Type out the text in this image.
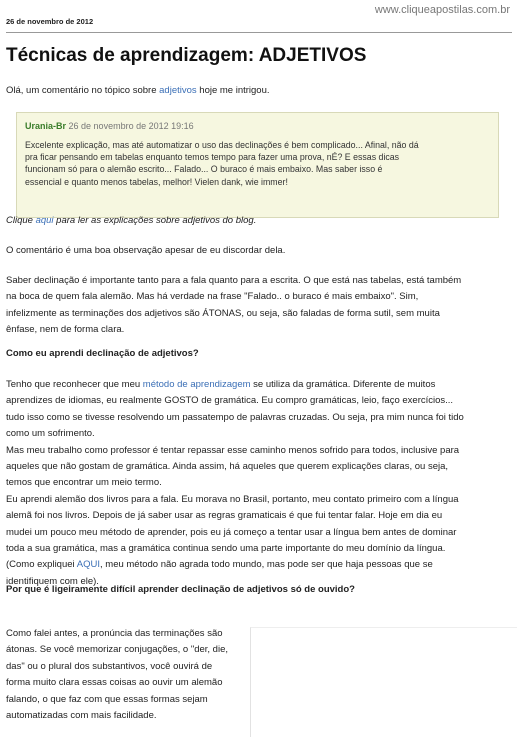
www.cliqueapostilas.com.br
26 de novembro de 2012
Técnicas de aprendizagem: ADJETIVOS

Olá, um comentário no tópico sobre adjetivos hoje me intrigou.

Urania-Br 26 de novembro de 2012 19:16
Excelente explicação, mas até automatizar o uso das declinações é bem complicado... Afinal, não dá
pra ficar pensando em tabelas enquanto temos tempo para fazer uma prova, nÉ? E essas dicas
funcionam só para o alemão escrito... Falado... O buraco é mais embaixo. Mas saber isso é
essencial e quanto menos tabelas, melhor! Vielen dank, wie immer!

Clique aqui para ler as explicações sobre adjetivos do blog.

O comentário é uma boa observação apesar de eu discordar dela.

Saber declinação é importante tanto para a fala quanto para a escrita. O que está nas tabelas, está também
na boca de quem fala alemão. Mas há verdade na frase "Falado.. o buraco é mais embaixo". Sim,
infelizmente as terminações dos adjetivos são ÁTONAS, ou seja, são faladas de forma sutil, sem muita
ênfase, nem de forma clara.

Como eu aprendi declinação de adjetivos?

Tenho que reconhecer que meu método de aprendizagem se utiliza da gramática. Diferente de muitos
aprendizes de idiomas, eu realmente GOSTO de gramática. Eu compro gramáticas, leio, faço exercícios...
tudo isso como se tivesse resolvendo um passatempo de palavras cruzadas. Ou seja, pra mim nunca foi tido
como um sofrimento.
Mas meu trabalho como professor é tentar repassar esse caminho menos sofrido para todos, inclusive para
aqueles que não gostam de gramática. Ainda assim, há aqueles que querem explicações claras, ou seja,
temos que encontrar um meio termo.
Eu aprendi alemão dos livros para a fala. Eu morava no Brasil, portanto, meu contato primeiro com a língua
alemã foi nos livros. Depois de já saber usar as regras gramaticais é que fui tentar falar. Hoje em dia eu
mudei um pouco meu método de aprender, pois eu já começo a tentar usar a língua bem antes de dominar
toda a sua gramática, mas a gramática continua sendo uma parte importante do meu domínio da língua.
(Como expliquei AQUI, meu método não agrada todo mundo, mas pode ser que haja pessoas que se
identifiquem com ele).

Por que é ligeiramente difícil aprender declinação de adjetivos só de ouvido?

Como falei antes, a pronúncia das terminações são
átonas. Se você memorizar conjugações, o "der, die,
das" ou o plural dos substantivos, você ouvirá de
forma muito clara essas coisas ao ouvir um alemão
falando, o que faz com que essas formas sejam
automatizadas com mais facilidade.
